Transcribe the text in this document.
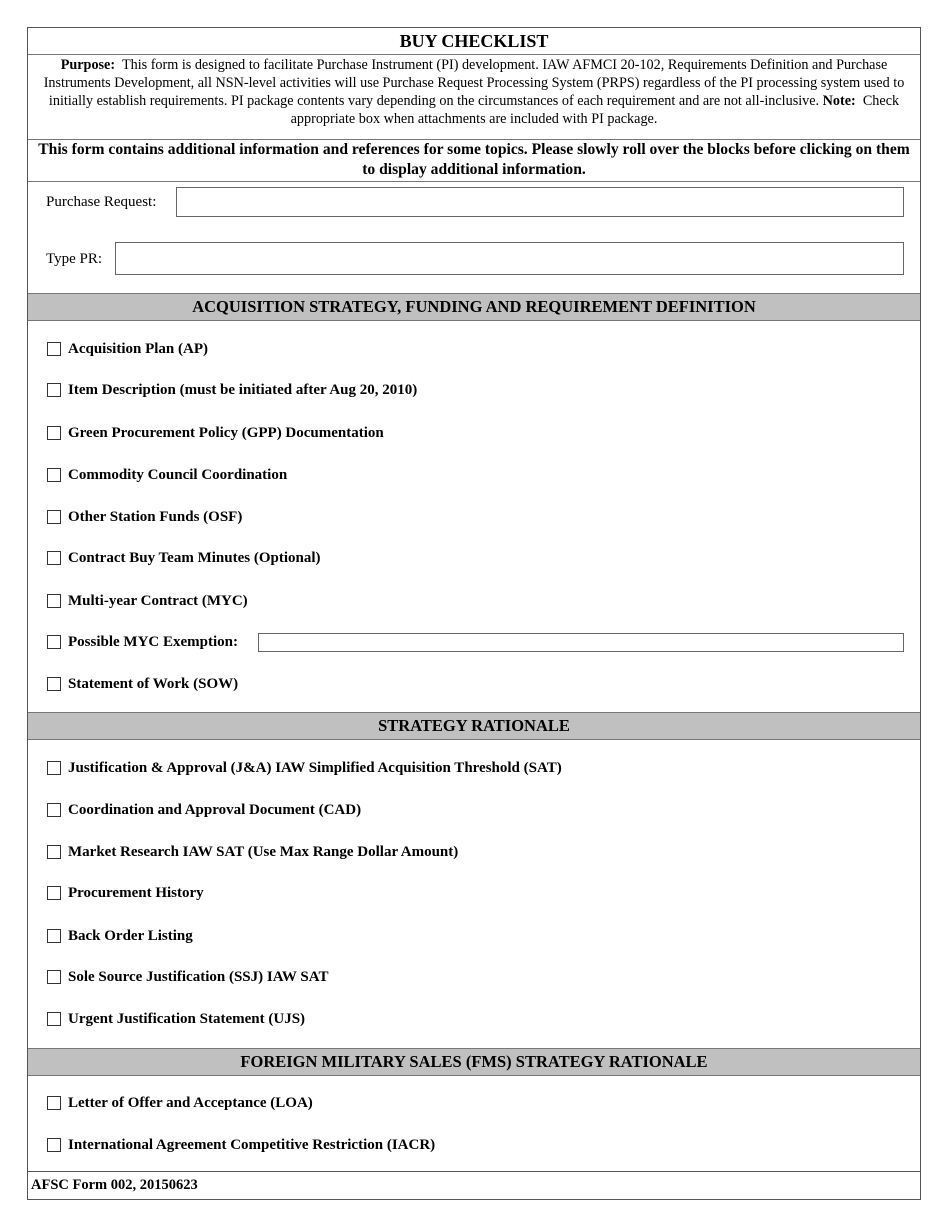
BUY CHECKLIST
Purpose: This form is designed to facilitate Purchase Instrument (PI) development. IAW AFMCI 20-102, Requirements Definition and Purchase Instruments Development, all NSN-level activities will use Purchase Request Processing System (PRPS) regardless of the PI processing system used to initially establish requirements. PI package contents vary depending on the circumstances of each requirement and are not all-inclusive. Note: Check appropriate box when attachments are included with PI package.
This form contains additional information and references for some topics. Please slowly roll over the blocks before clicking on them to display additional information.
Purchase Request:
Type PR:
ACQUISITION STRATEGY, FUNDING AND REQUIREMENT DEFINITION
Acquisition Plan (AP)
Item Description (must be initiated after Aug 20, 2010)
Green Procurement Policy (GPP) Documentation
Commodity Council Coordination
Other Station Funds (OSF)
Contract Buy Team Minutes (Optional)
Multi-year Contract (MYC)
Possible MYC Exemption:
Statement of Work (SOW)
STRATEGY RATIONALE
Justification & Approval (J&A) IAW Simplified Acquisition Threshold (SAT)
Coordination and Approval Document (CAD)
Market Research IAW SAT (Use Max Range Dollar Amount)
Procurement History
Back Order Listing
Sole Source Justification (SSJ) IAW SAT
Urgent Justification Statement (UJS)
FOREIGN MILITARY SALES (FMS) STRATEGY RATIONALE
Letter of Offer and Acceptance (LOA)
International Agreement Competitive Restriction (IACR)
AFSC Form 002, 20150623
